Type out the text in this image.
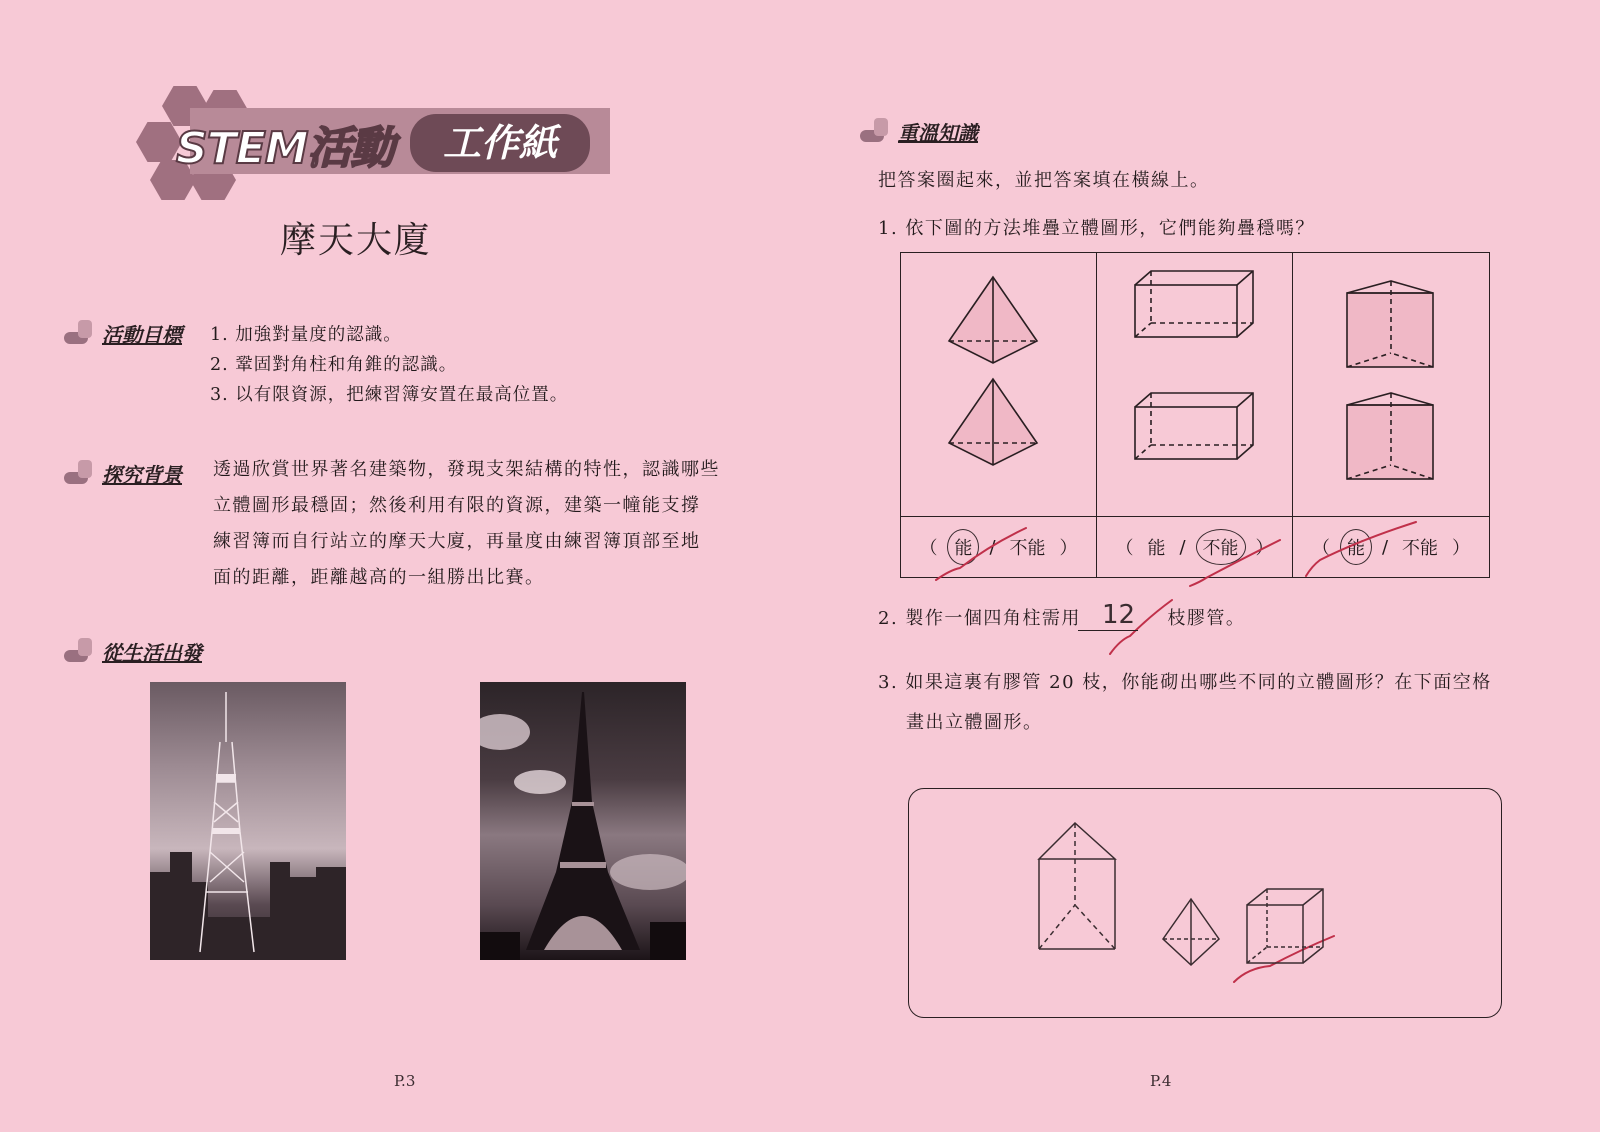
STEM活動	工作紙
摩天大廈
活動目標 1. 加強對量度的認識。
2. 鞏固對角柱和角錐的認識。
3. 以有限資源，把練習簿安置在最高位置。
探究背景 透過欣賞世界著名建築物，發現支架結構的特性，認識哪些
立體圖形最穩固；然後利用有限的資源，建築一幢能支撐
練習簿而自行站立的摩天大廈，再量度由練習簿頂部至地
面的距離，距離越高的一組勝出比賽。
從生活出發
P.3
重溫知識
把答案圈起來，並把答案填在橫線上。
1. 依下圖的方法堆疊立體圖形，它們能夠疊穩嗎？
（ 能 / 不能 ） （ 能 / 不能 ） （ 能 / 不能 ）
2. 製作一個四角柱需用	枝膠管。
12
3. 如果這裏有膠管 20 枝，你能砌出哪些不同的立體圖形？在下面空格
畫出立體圖形。
P.4
